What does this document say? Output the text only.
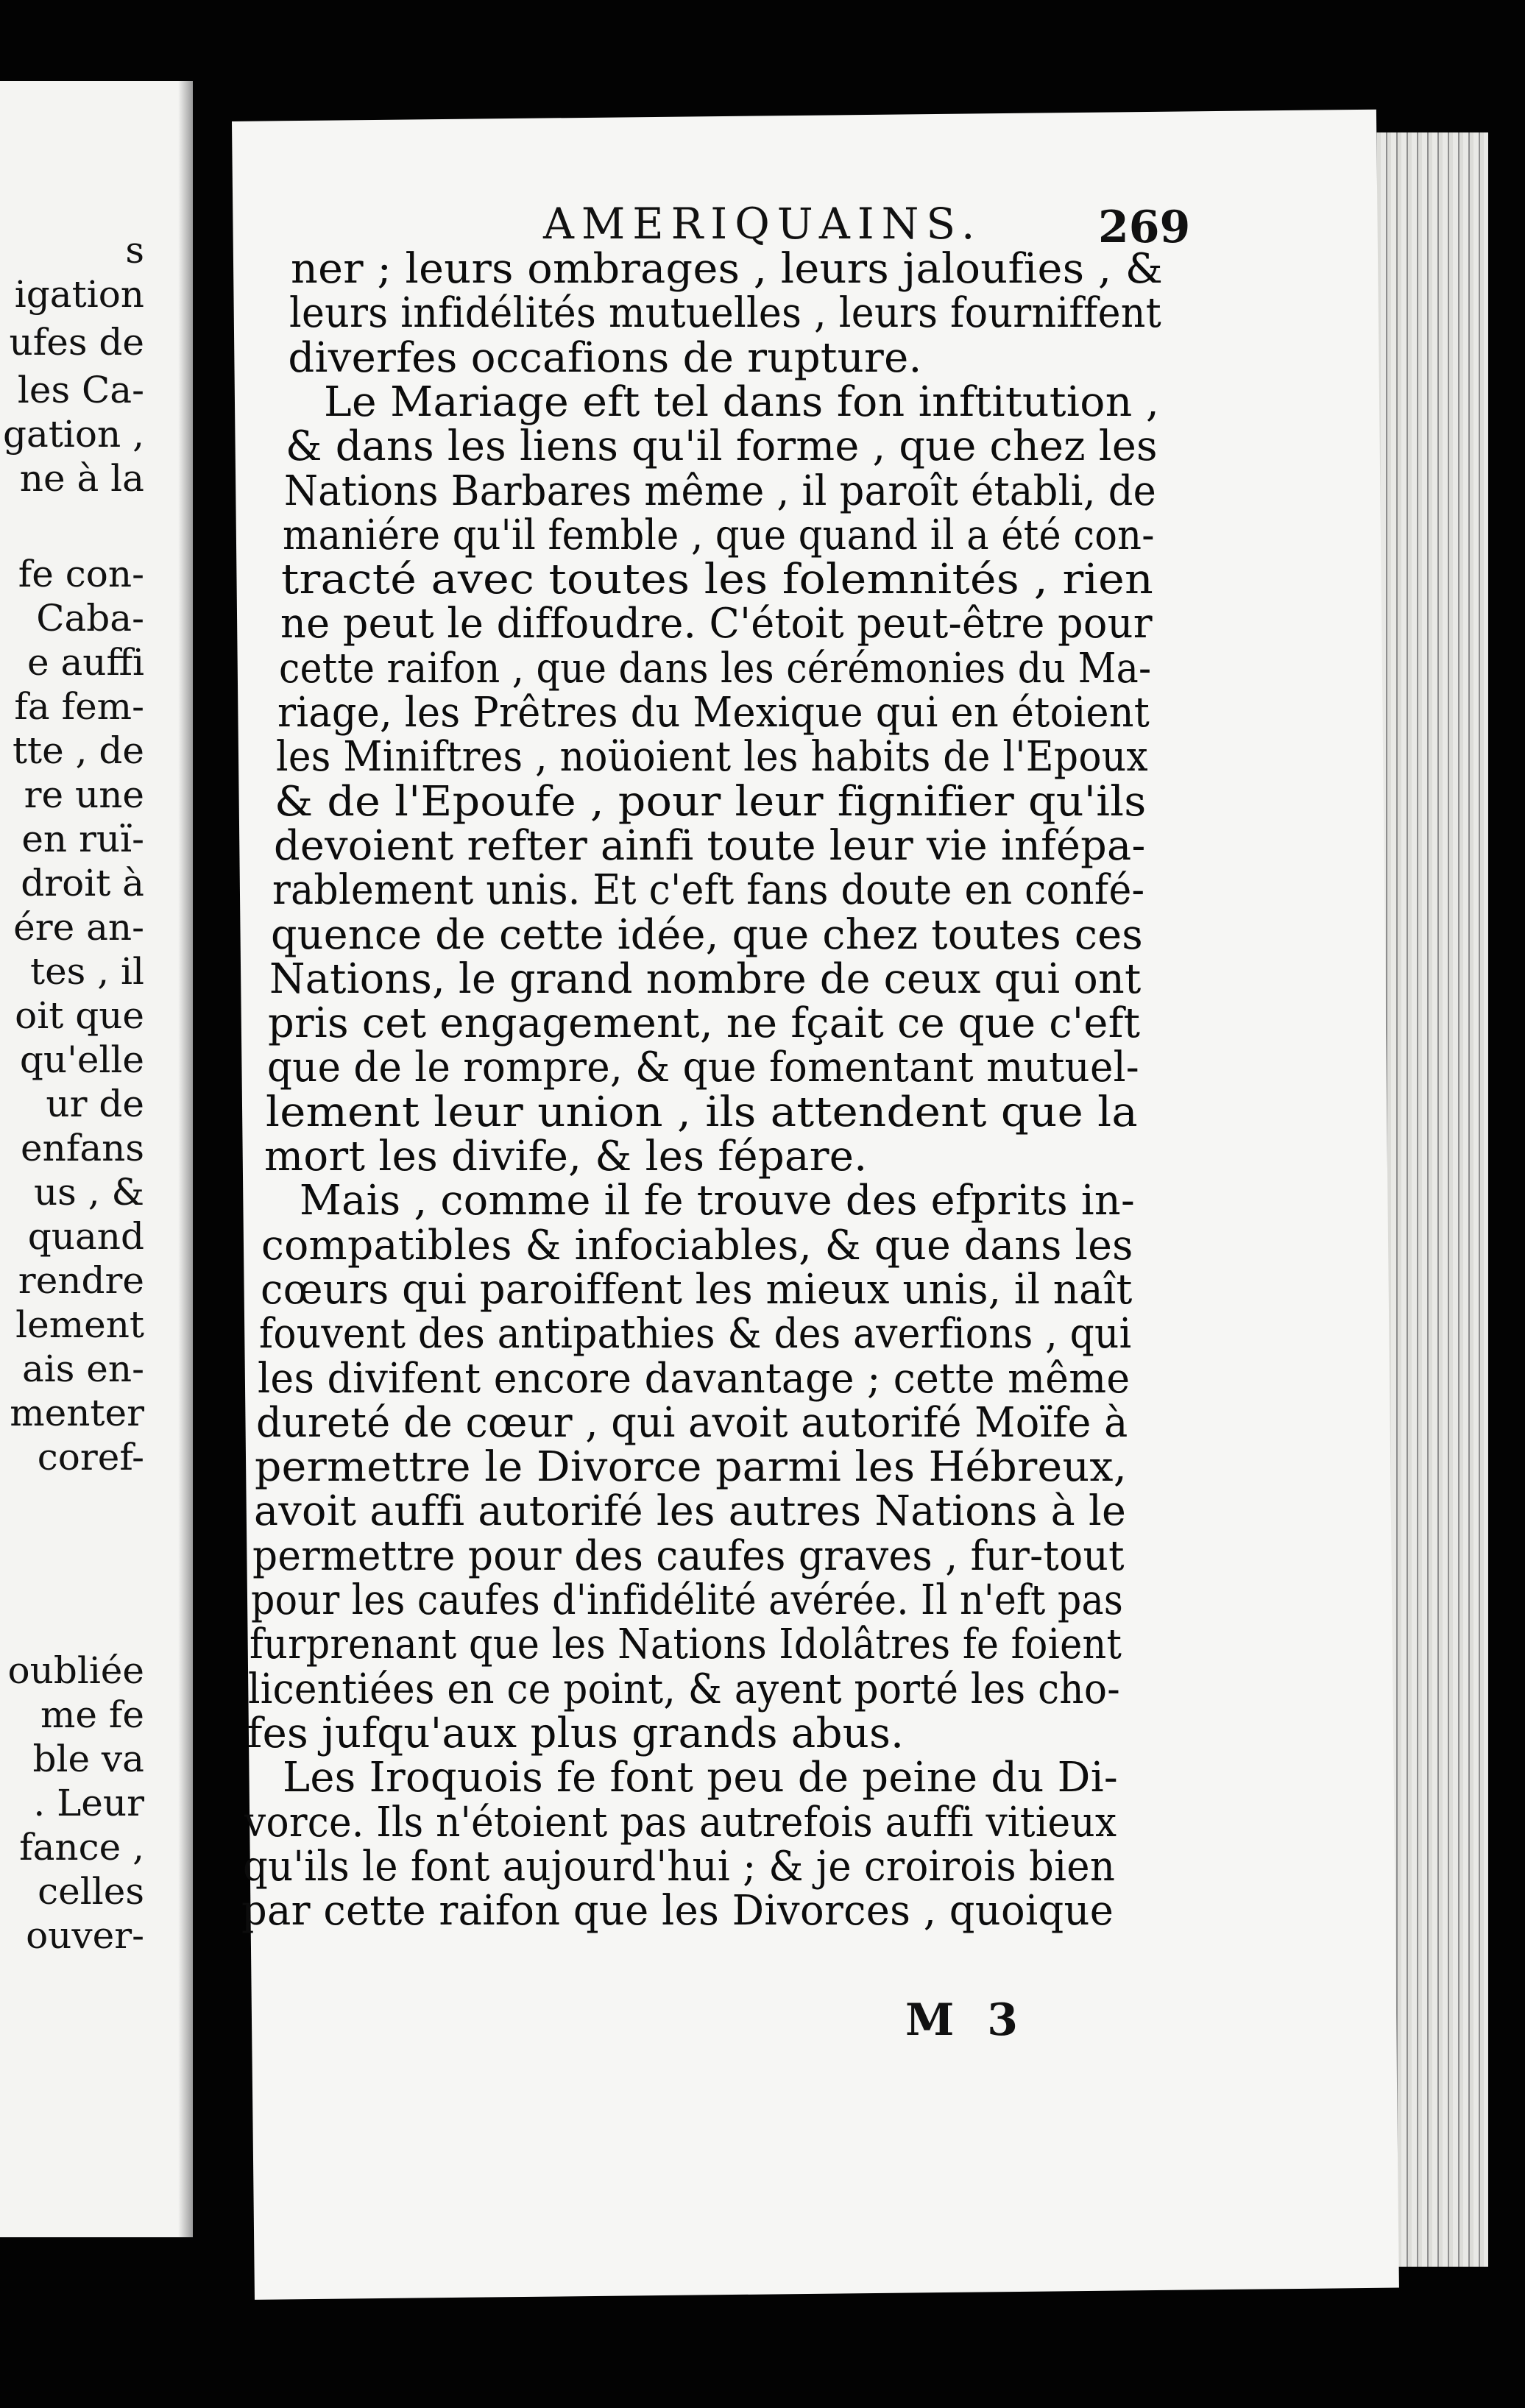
s
igation
ufes de
les Ca-
gation ,
ne à la
fe con-
Caba-
e auffi
fa fem-
tte , de
re une
en ruï-
droit à
ére an-
tes , il
oit que
qu'elle
ur de
enfans
us , &
quand
rendre
lement
ais en-
menter
coref-
oubliée
me fe
ble va
. Leur
fance ,
celles
ouver-
AMERIQUAINS.	269
ner ; leurs ombrages , leurs jaloufies , &
leurs infidélités mutuelles , leurs fourniffent
diverfes occafions de rupture.
Le Mariage eft tel dans fon inftitution ,
& dans les liens qu'il forme , que chez les
Nations Barbares même , il paroît établi, de
maniére qu'il femble , que quand il a été con-
tracté avec toutes les folemnités , rien
ne peut le diffoudre. C'étoit peut-être pour
cette raifon , que dans les cérémonies du Ma-
riage, les Prêtres du Mexique qui en étoient
les Miniftres , noüoient les habits de l'Epoux
& de l'Epoufe , pour leur fignifier qu'ils
devoient refter ainfi toute leur vie infépa-
rablement unis. Et c'eft fans doute en confé-
quence de cette idée, que chez toutes ces
Nations, le grand nombre de ceux qui ont
pris cet engagement, ne fçait ce que c'eft
que de le rompre, & que fomentant mutuel-
lement leur union , ils attendent que la
mort les divife, & les fépare.
Mais , comme il fe trouve des efprits in-
compatibles & infociables, & que dans les
cœurs qui paroiffent les mieux unis, il naît
fouvent des antipathies & des averfions , qui
les divifent encore davantage ; cette même
dureté de cœur , qui avoit autorifé Moïfe à
permettre le Divorce parmi les Hébreux,
avoit auffi autorifé les autres Nations à le
permettre pour des caufes graves , fur-tout
pour les caufes d'infidélité avérée. Il n'eft pas
furprenant que les Nations Idolâtres fe foient
licentiées en ce point, & ayent porté les cho-
fes jufqu'aux plus grands abus.
Les Iroquois fe font peu de peine du Di-
vorce. Ils n'étoient pas autrefois auffi vitieux
qu'ils le font aujourd'hui ; & je croirois bien
par cette raifon que les Divorces , quoique
M 3
